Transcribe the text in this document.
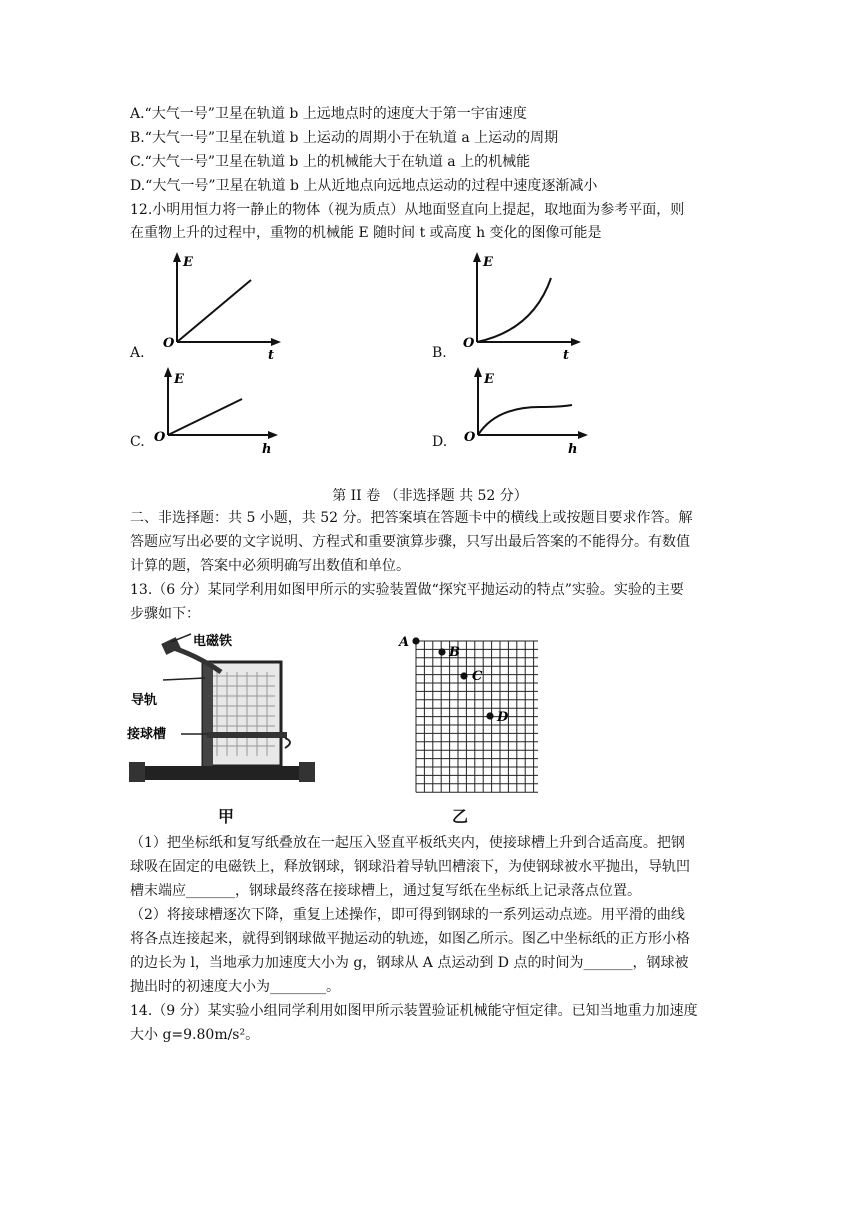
A.“大气一号”卫星在轨道 b 上远地点时的速度大于第一宇宙速度
B.“大气一号”卫星在轨道 b 上运动的周期小于在轨道 a 上运动的周期
C.“大气一号”卫星在轨道 b 上的机械能大于在轨道 a 上的机械能
D.“大气一号”卫星在轨道 b 上从近地点向远地点运动的过程中速度逐渐减小
12.小明用恒力将一静止的物体（视为质点）从地面竖直向上提起，取地面为参考平面，则
在重物上升的过程中，重物的机械能 E 随时间 t 或高度 h 变化的图像可能是
A.
E
O
t	B.
E
O
t
C.
E
O
h	D.
E
O
h
第 II 卷 （非选择题 共 52 分）
二、非选择题：共 5 小题，共 52 分。把答案填在答题卡中的横线上或按题目要求作答。解
答题应写出必要的文字说明、方程式和重要演算步骤，只写出最后答案的不能得分。有数值
计算的题，答案中必须明确写出数值和单位。
13.（6 分）某同学利用如图甲所示的实验装置做“探究平抛运动的特点”实验。实验的主要
步骤如下：
电磁铁
导轨
接球槽
甲
A
B
C
D
乙
（1）把坐标纸和复写纸叠放在一起压入竖直平板纸夹内，使接球槽上升到合适高度。把钢
球吸在固定的电磁铁上，释放钢球，钢球沿着导轨凹槽滚下，为使钢球被水平抛出，导轨凹
槽末端应_______，钢球最终落在接球槽上，通过复写纸在坐标纸上记录落点位置。
（2）将接球槽逐次下降，重复上述操作，即可得到钢球的一系列运动点迹。用平滑的曲线
将各点连接起来，就得到钢球做平抛运动的轨迹，如图乙所示。图乙中坐标纸的正方形小格
的边长为 l，当地承力加速度大小为 g，钢球从 A 点运动到 D 点的时间为_______，钢球被
抛出时的初速度大小为________。
14.（9 分）某实验小组同学利用如图甲所示装置验证机械能守恒定律。已知当地重力加速度
大小 g=9.80m/s²。
